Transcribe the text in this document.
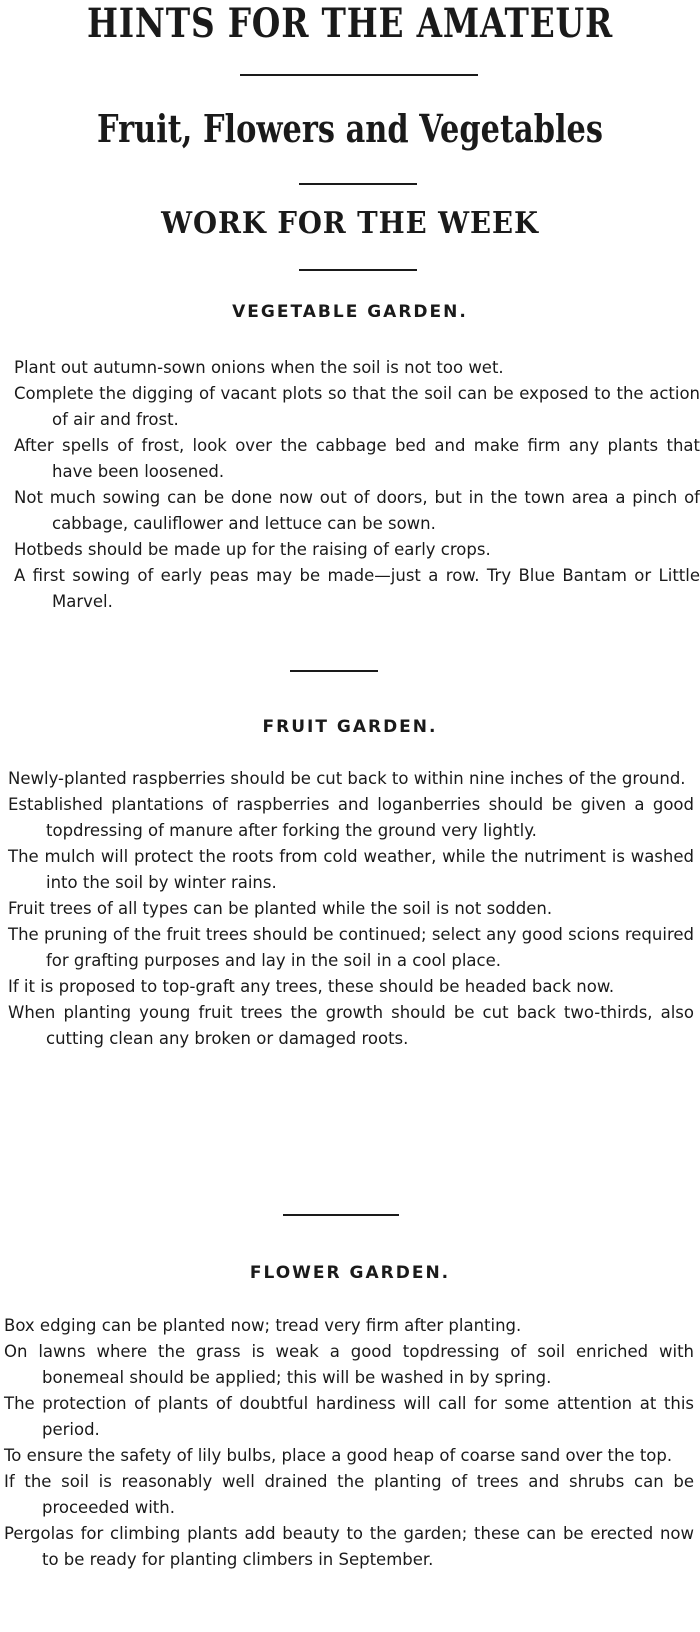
HINTS FOR THE AMATEUR
Fruit, Flowers and Vegetables
WORK FOR THE WEEK
VEGETABLE GARDEN.
Plant out autumn-sown onions when the soil is not too wet.
Complete the digging of vacant plots so that the soil can be exposed to the action of air and frost.
After spells of frost, look over the cabbage bed and make firm any plants that have been loosened.
Not much sowing can be done now out of doors, but in the town area a pinch of cabbage, cauliflower and lettuce can be sown.
Hotbeds should be made up for the raising of early crops.
A first sowing of early peas may be made—just a row. Try Blue Bantam or Little Marvel.
FRUIT GARDEN.
Newly-planted raspberries should be cut back to within nine inches of the ground.
Established plantations of raspberries and loganberries should be given a good topdressing of manure after forking the ground very lightly.
The mulch will protect the roots from cold weather, while the nutriment is washed into the soil by winter rains.
Fruit trees of all types can be planted while the soil is not sodden.
The pruning of the fruit trees should be continued; select any good scions required for grafting purposes and lay in the soil in a cool place.
If it is proposed to top-graft any trees, these should be headed back now.
When planting young fruit trees the growth should be cut back two-thirds, also cutting clean any broken or damaged roots.
FLOWER GARDEN.
Box edging can be planted now; tread very firm after planting.
On lawns where the grass is weak a good topdressing of soil enriched with bonemeal should be applied; this will be washed in by spring.
The protection of plants of doubtful hardiness will call for some attention at this period.
To ensure the safety of lily bulbs, place a good heap of coarse sand over the top.
If the soil is reasonably well drained the planting of trees and shrubs can be proceeded with.
Pergolas for climbing plants add beauty to the garden; these can be erected now to be ready for planting climbers in September.
